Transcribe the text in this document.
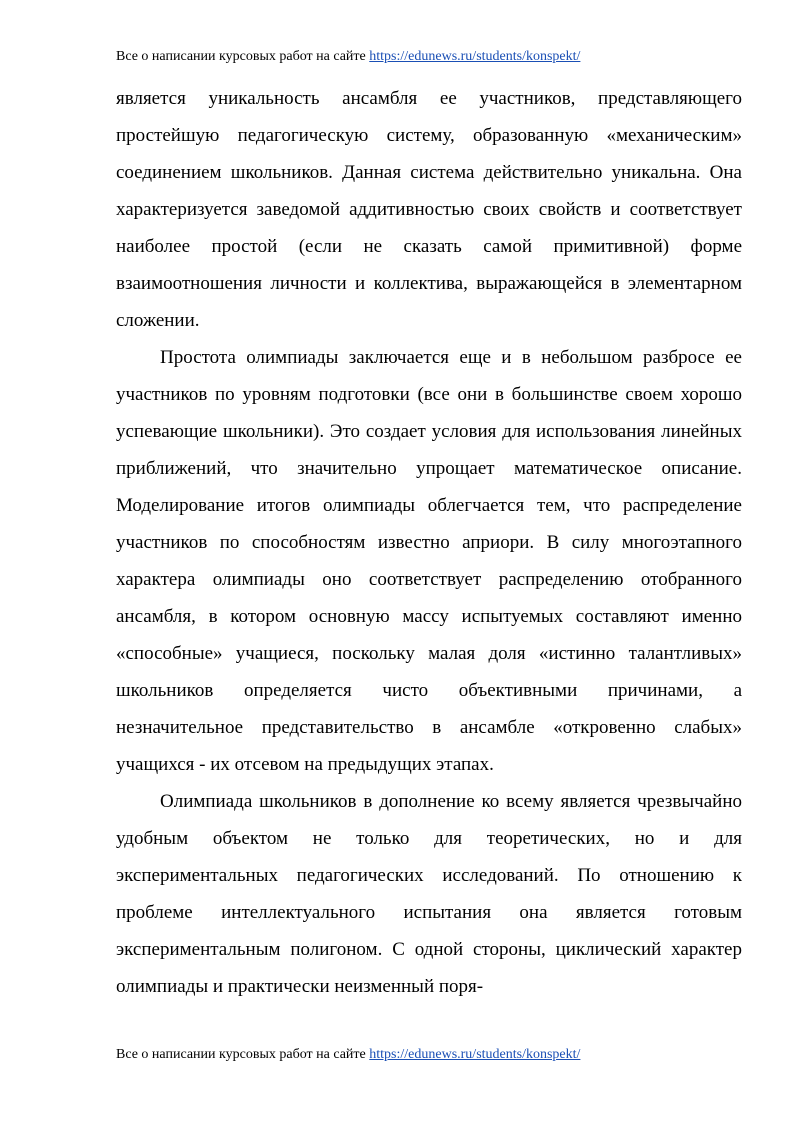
Все о написании курсовых работ на сайте https://edunews.ru/students/konspekt/

является уникальность ансамбля ее участников, представляющего простейшую педагогическую систему, образованную «механическим» соединением школьников. Данная система действительно уникальна. Она характеризуется заведомой аддитивностью своих свойств и соответствует наиболее простой (если не сказать самой примитивной) форме взаимоотношения личности и коллектива, выражающейся в элементарном сложении.

Простота олимпиады заключается еще и в небольшом разбросе ее участников по уровням подготовки (все они в большинстве своем хорошо успевающие школьники). Это создает условия для использования линейных приближений, что значительно упрощает математическое описание. Моделирование итогов олимпиады облегчается тем, что распределение участников по способностям известно априори. В силу многоэтапного характера олимпиады оно соответствует распределению отобранного ансамбля, в котором основную массу испытуемых составляют именно «способные» учащиеся, поскольку малая доля «истинно талантливых» школьников определяется чисто объективными причинами, а незначительное представительство в ансамбле «откровенно слабых» учащихся - их отсевом на предыдущих этапах.

Олимпиада школьников в дополнение ко всему является чрезвычайно удобным объектом не только для теоретических, но и для экспериментальных педагогических исследований. По отношению к проблеме интеллектуального испытания она является готовым экспериментальным полигоном. С одной стороны, циклический характер олимпиады и практически неизменный поря-

Все о написании курсовых работ на сайте https://edunews.ru/students/konspekt/
